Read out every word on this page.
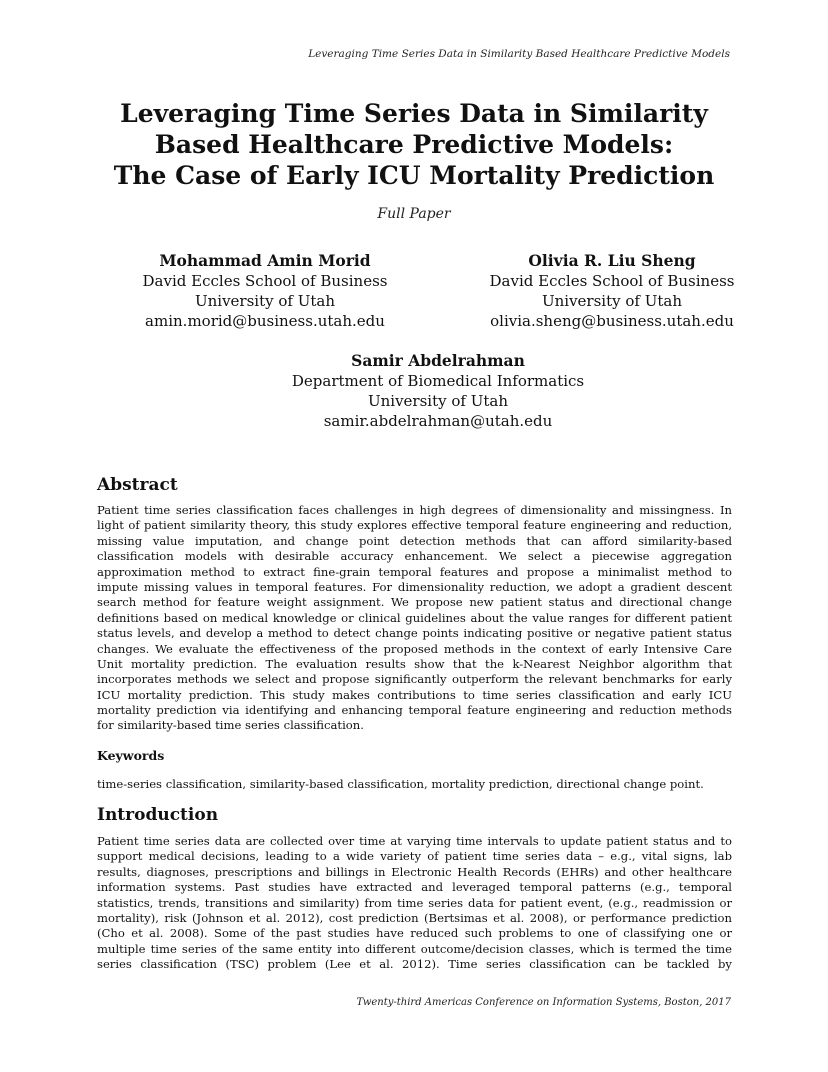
Leveraging Time Series Data in Similarity Based Healthcare Predictive Models
Leveraging Time Series Data in Similarity
Based Healthcare Predictive Models:
The Case of Early ICU Mortality Prediction
Full Paper
Mohammad Amin Morid
David Eccles School of Business
University of Utah
amin.morid@business.utah.edu
Olivia R. Liu Sheng
David Eccles School of Business
University of Utah
olivia.sheng@business.utah.edu
Samir Abdelrahman
Department of Biomedical Informatics
University of Utah
samir.abdelrahman@utah.edu
Abstract
Patient time series classification faces challenges in high degrees of dimensionality and missingness. In
light of patient similarity theory, this study explores effective temporal feature engineering and reduction,
missing value imputation, and change point detection methods that can afford similarity-based
classification models with desirable accuracy enhancement. We select a piecewise aggregation
approximation method to extract fine-grain temporal features and propose a minimalist method to
impute missing values in temporal features. For dimensionality reduction, we adopt a gradient descent
search method for feature weight assignment. We propose new patient status and directional change
definitions based on medical knowledge or clinical guidelines about the value ranges for different patient
status levels, and develop a method to detect change points indicating positive or negative patient status
changes. We evaluate the effectiveness of the proposed methods in the context of early Intensive Care
Unit mortality prediction. The evaluation results show that the k-Nearest Neighbor algorithm that
incorporates methods we select and propose significantly outperform the relevant benchmarks for early
ICU mortality prediction. This study makes contributions to time series classification and early ICU
mortality prediction via identifying and enhancing temporal feature engineering and reduction methods
for similarity-based time series classification.
Keywords
time-series classification, similarity-based classification, mortality prediction, directional change point.
Introduction
Patient time series data are collected over time at varying time intervals to update patient status and to
support medical decisions, leading to a wide variety of patient time series data – e.g., vital signs, lab
results, diagnoses, prescriptions and billings in Electronic Health Records (EHRs) and other healthcare
information systems. Past studies have extracted and leveraged temporal patterns (e.g., temporal
statistics, trends, transitions and similarity) from time series data for patient event, (e.g., readmission or
mortality), risk (Johnson et al. 2012), cost prediction (Bertsimas et al. 2008), or performance prediction
(Cho et al. 2008). Some of the past studies have reduced such problems to one of classifying one or
multiple time series of the same entity into different outcome/decision classes, which is termed the time
series classification (TSC) problem (Lee et al. 2012). Time series classification can be tackled by
Twenty-third Americas Conference on Information Systems, Boston, 2017
